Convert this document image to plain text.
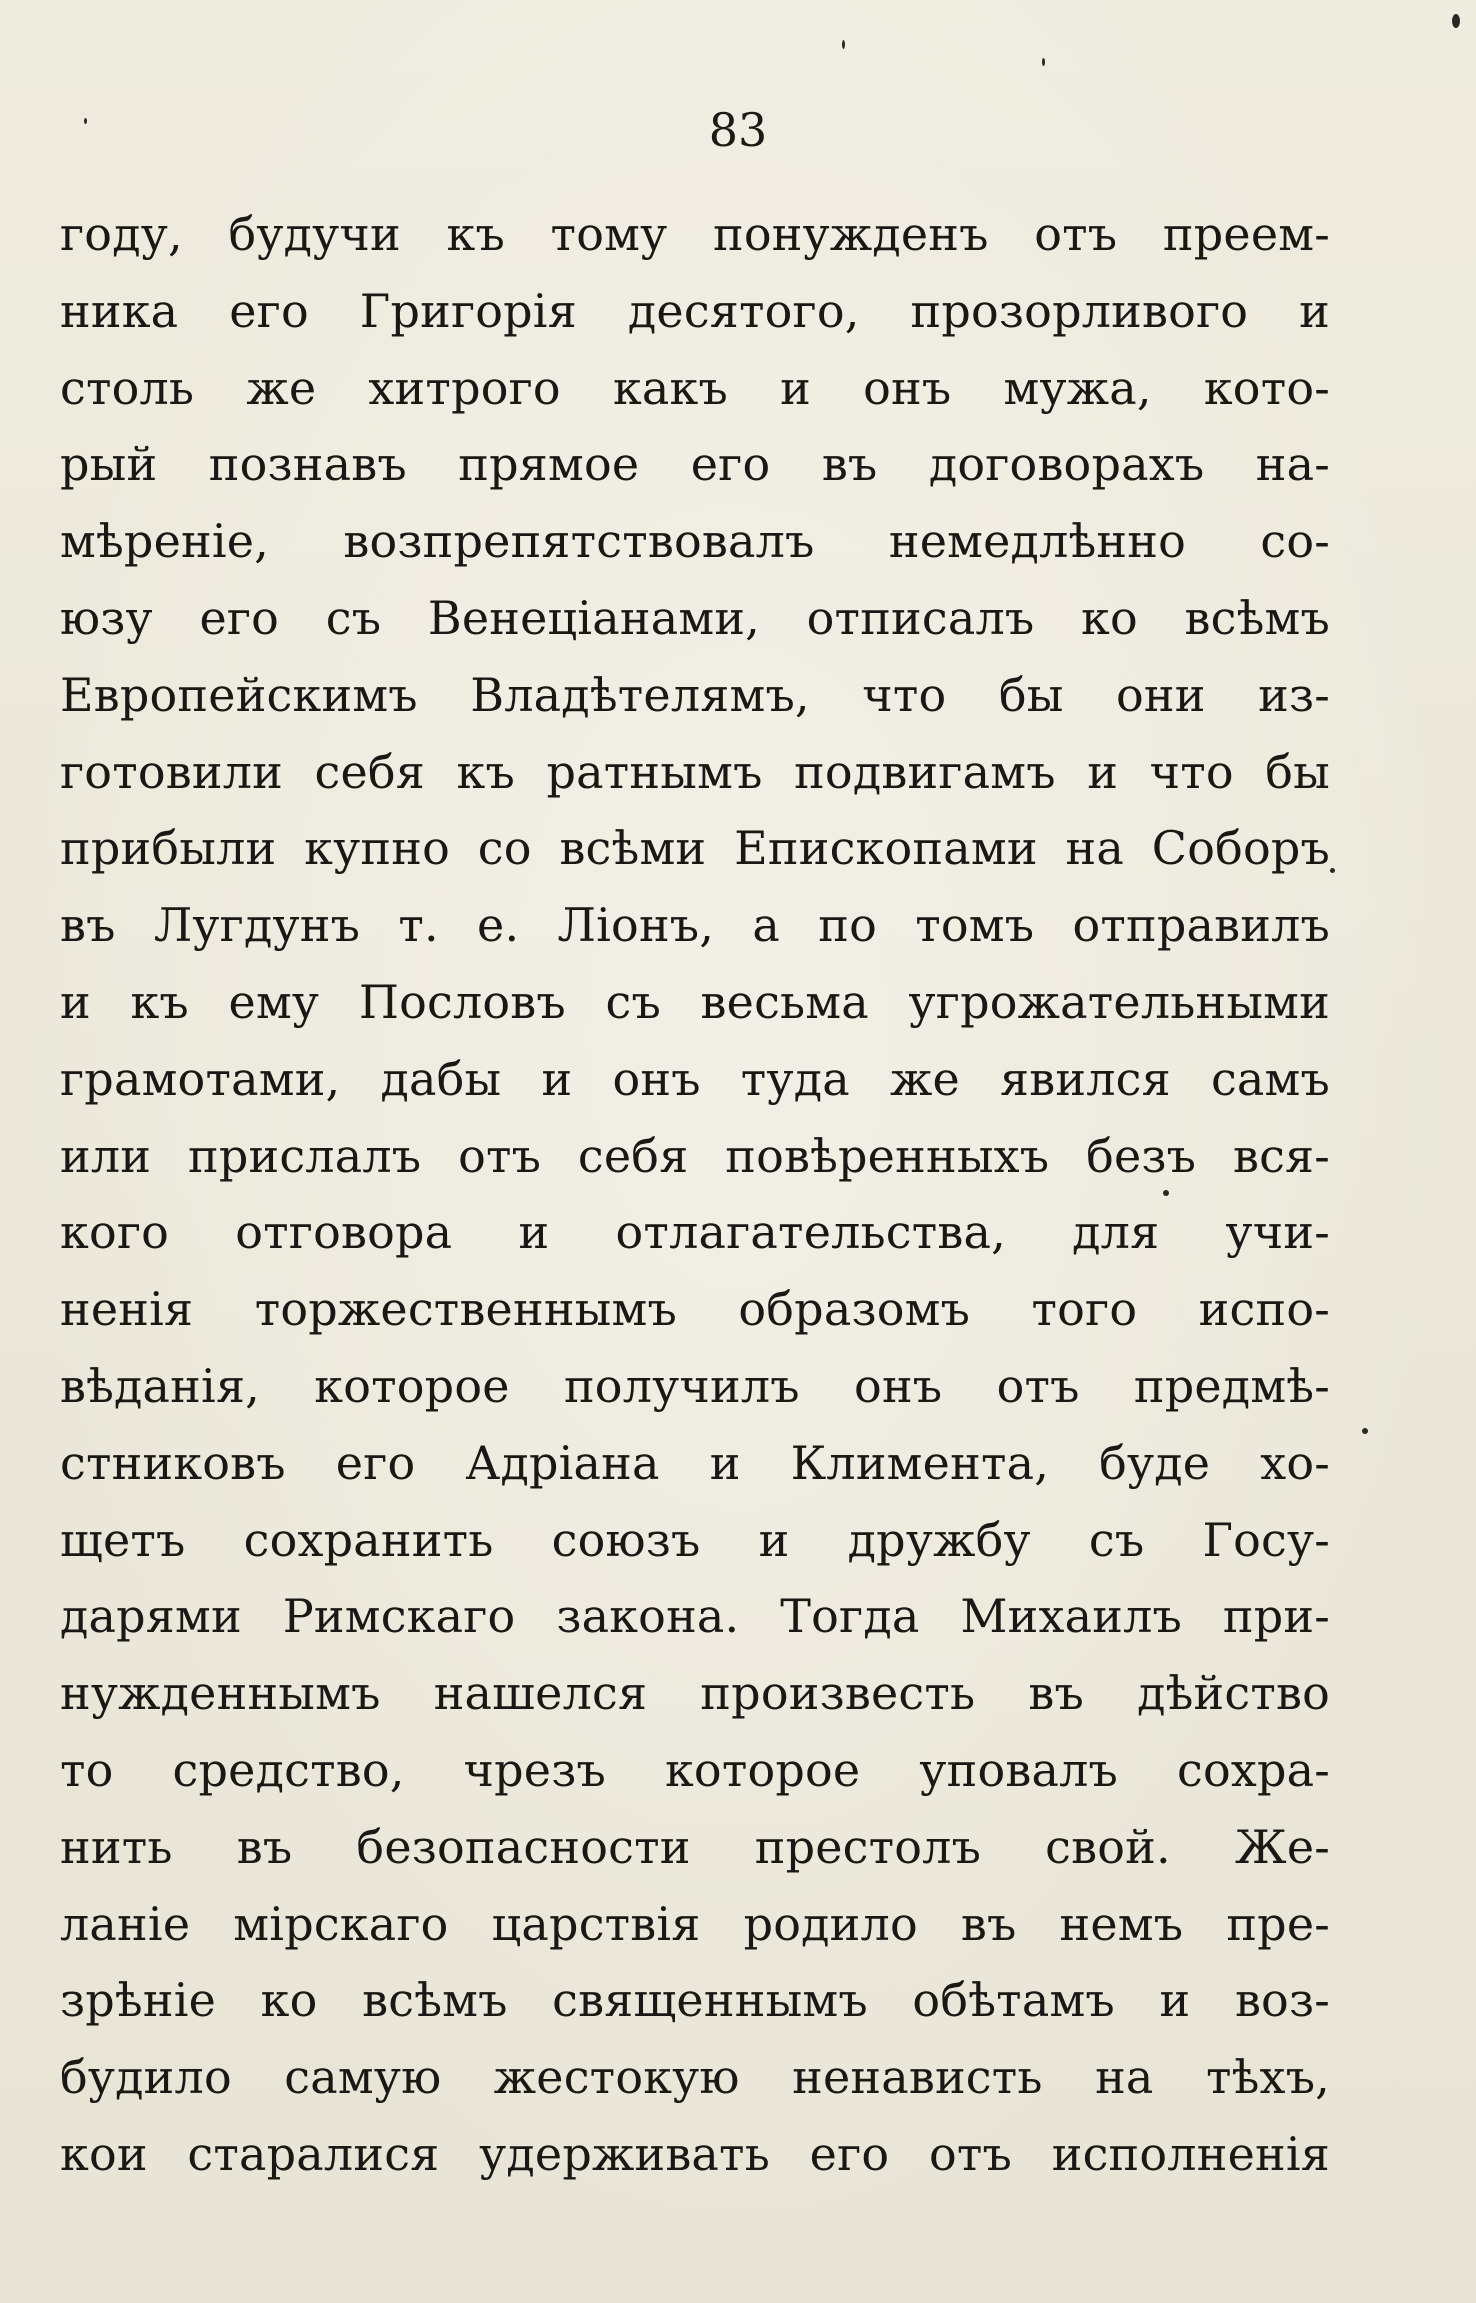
83
году, будучи къ тому понужденъ отъ преем-
ника его Григорія десятого, прозорливого и
столь же хитрого какъ и онъ мужа, кото-
рый познавъ прямое его въ договорахъ на-
мѣреніе, возпрепятствовалъ немедлѣнно со-
юзу его съ Венеціанами, отписалъ ко всѣмъ
Европейскимъ Владѣтелямъ, что бы они из-
готовили себя къ ратнымъ подвигамъ и что бы
прибыли купно со всѣми Епископами на Соборъ
въ Лугдунъ т. е. Ліонъ, а по томъ отправилъ
и къ ему Пословъ съ весьма угрожательными
грамотами, дабы и онъ туда же явился самъ
или прислалъ отъ себя повѣренныхъ безъ вся-
кого отговора и отлагательства, для учи-
ненія торжественнымъ образомъ того испо-
вѣданія, которое получилъ онъ отъ предмѣ-
стниковъ его Адріана и Климента, буде хо-
щетъ сохранить союзъ и дружбу съ Госу-
дарями Римскаго закона. Тогда Михаилъ при-
нужденнымъ нашелся произвесть въ дѣйство
то средство, чрезъ которое уповалъ сохра-
нить въ безопасности престолъ свой. Же-
ланіе мірскаго царствія родило въ немъ пре-
зрѣніе ко всѣмъ священнымъ обѣтамъ и воз-
будило самую жестокую ненависть на тѣхъ,
кои старалися удерживать его отъ исполненія
